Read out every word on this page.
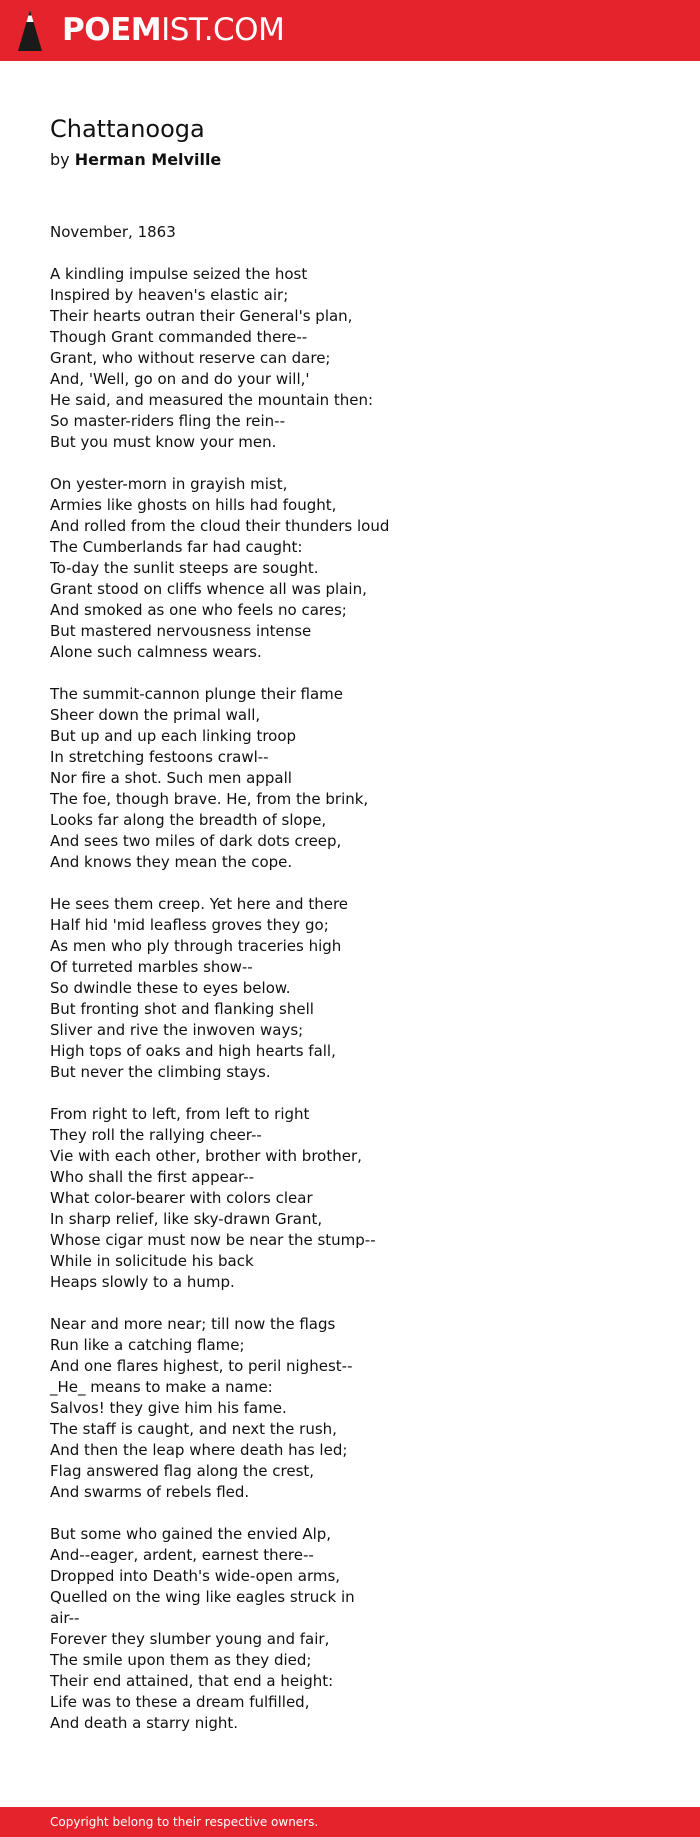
POEMIST.COM
Chattanooga
by Herman Melville
November, 1863
A kindling impulse seized the host
Inspired by heaven's elastic air;
Their hearts outran their General's plan,
Though Grant commanded there--
Grant, who without reserve can dare;
And, 'Well, go on and do your will,'
He said, and measured the mountain then:
So master-riders fling the rein--
But you must know your men.
On yester-morn in grayish mist,
Armies like ghosts on hills had fought,
And rolled from the cloud their thunders loud
The Cumberlands far had caught:
To-day the sunlit steeps are sought.
Grant stood on cliffs whence all was plain,
And smoked as one who feels no cares;
But mastered nervousness intense
Alone such calmness wears.
The summit-cannon plunge their flame
Sheer down the primal wall,
But up and up each linking troop
In stretching festoons crawl--
Nor fire a shot. Such men appall
The foe, though brave. He, from the brink,
Looks far along the breadth of slope,
And sees two miles of dark dots creep,
And knows they mean the cope.
He sees them creep. Yet here and there
Half hid 'mid leafless groves they go;
As men who ply through traceries high
Of turreted marbles show--
So dwindle these to eyes below.
But fronting shot and flanking shell
Sliver and rive the inwoven ways;
High tops of oaks and high hearts fall,
But never the climbing stays.
From right to left, from left to right
They roll the rallying cheer--
Vie with each other, brother with brother,
Who shall the first appear--
What color-bearer with colors clear
In sharp relief, like sky-drawn Grant,
Whose cigar must now be near the stump--
While in solicitude his back
Heaps slowly to a hump.
Near and more near; till now the flags
Run like a catching flame;
And one flares highest, to peril nighest--
_He_ means to make a name:
Salvos! they give him his fame.
The staff is caught, and next the rush,
And then the leap where death has led;
Flag answered flag along the crest,
And swarms of rebels fled.
But some who gained the envied Alp,
And--eager, ardent, earnest there--
Dropped into Death's wide-open arms,
Quelled on the wing like eagles struck in
air--
Forever they slumber young and fair,
The smile upon them as they died;
Their end attained, that end a height:
Life was to these a dream fulfilled,
And death a starry night.
Copyright belong to their respective owners.
